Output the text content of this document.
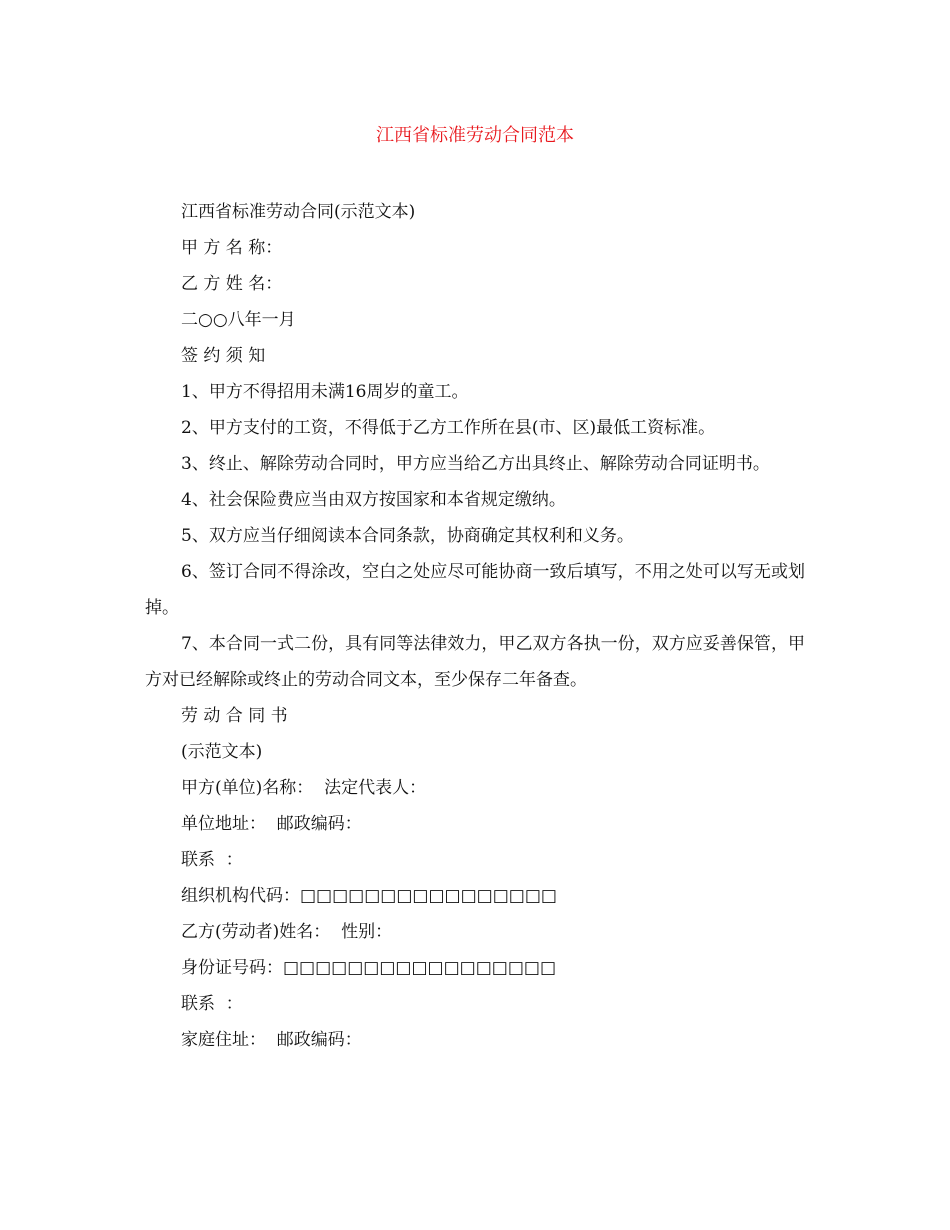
江西省标准劳动合同范本

江西省标准劳动合同(示范文本)

甲 方 名 称：

乙 方 姓 名：

二○○八年一月

签 约 须 知

1、甲方不得招用未满16周岁的童工。

2、甲方支付的工资，不得低于乙方工作所在县(市、区)最低工资标准。

3、终止、解除劳动合同时，甲方应当给乙方出具终止、解除劳动合同证明书。

4、社会保险费应当由双方按国家和本省规定缴纳。

5、双方应当仔细阅读本合同条款，协商确定其权利和义务。

6、签订合同不得涂改，空白之处应尽可能协商一致后填写，不用之处可以写无或划掉。

7、本合同一式二份，具有同等法律效力，甲乙双方各执一份，双方应妥善保管，甲方对已经解除或终止的劳动合同文本，至少保存二年备查。

劳 动 合 同 书

(示范文本)

甲方(单位)名称：  法定代表人：

单位地址：  邮政编码：

联系  ：

组织机构代码：□□□□□□□□□□□□□□□□

乙方(劳动者)姓名：  性别：

身份证号码：□□□□□□□□□□□□□□□□□

联系  ：

家庭住址：  邮政编码：
